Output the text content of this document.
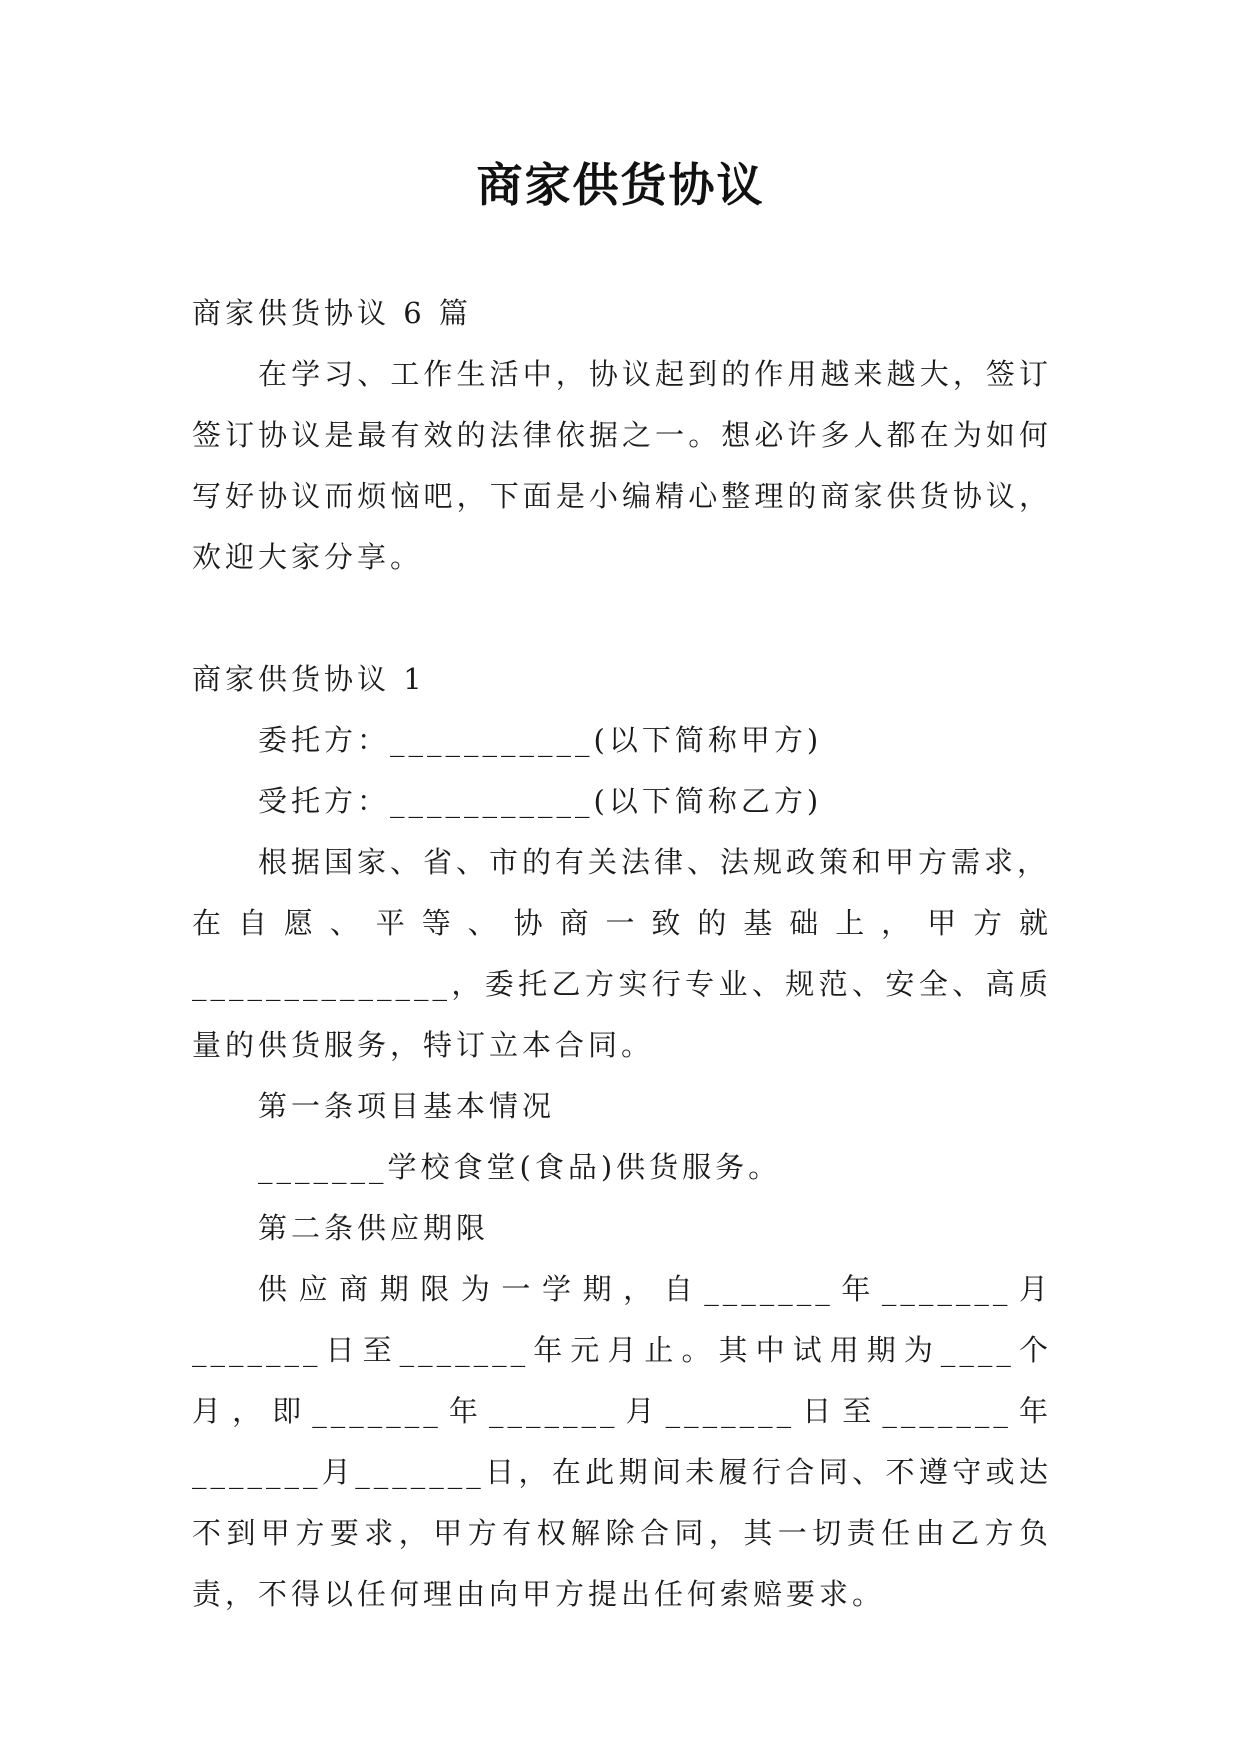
商家供货协议

商家供货协议 6 篇

在学习、工作生活中，协议起到的作用越来越大，签订签订协议是最有效的法律依据之一。想必许多人都在为如何写好协议而烦恼吧，下面是小编精心整理的商家供货协议，欢迎大家分享。

商家供货协议 1

委托方：___________(以下简称甲方)

受托方：___________(以下简称乙方)

根据国家、省、市的有关法律、法规政策和甲方需求，

在自愿、平等、协商一致的基础上，甲方就

______________，委托乙方实行专业、规范、安全、高质量的供货服务，特订立本合同。

第一条项目基本情况

_______学校食堂(食品)供货服务。

第二条供应期限

供应商期限为一学期，自_______年_______月_______日至_______年元月止。其中试用期为____个月，即_______年_______月_______日至_______年_______月_______日，在此期间未履行合同、不遵守或达不到甲方要求，甲方有权解除合同，其一切责任由乙方负责，不得以任何理由向甲方提出任何索赔要求。
